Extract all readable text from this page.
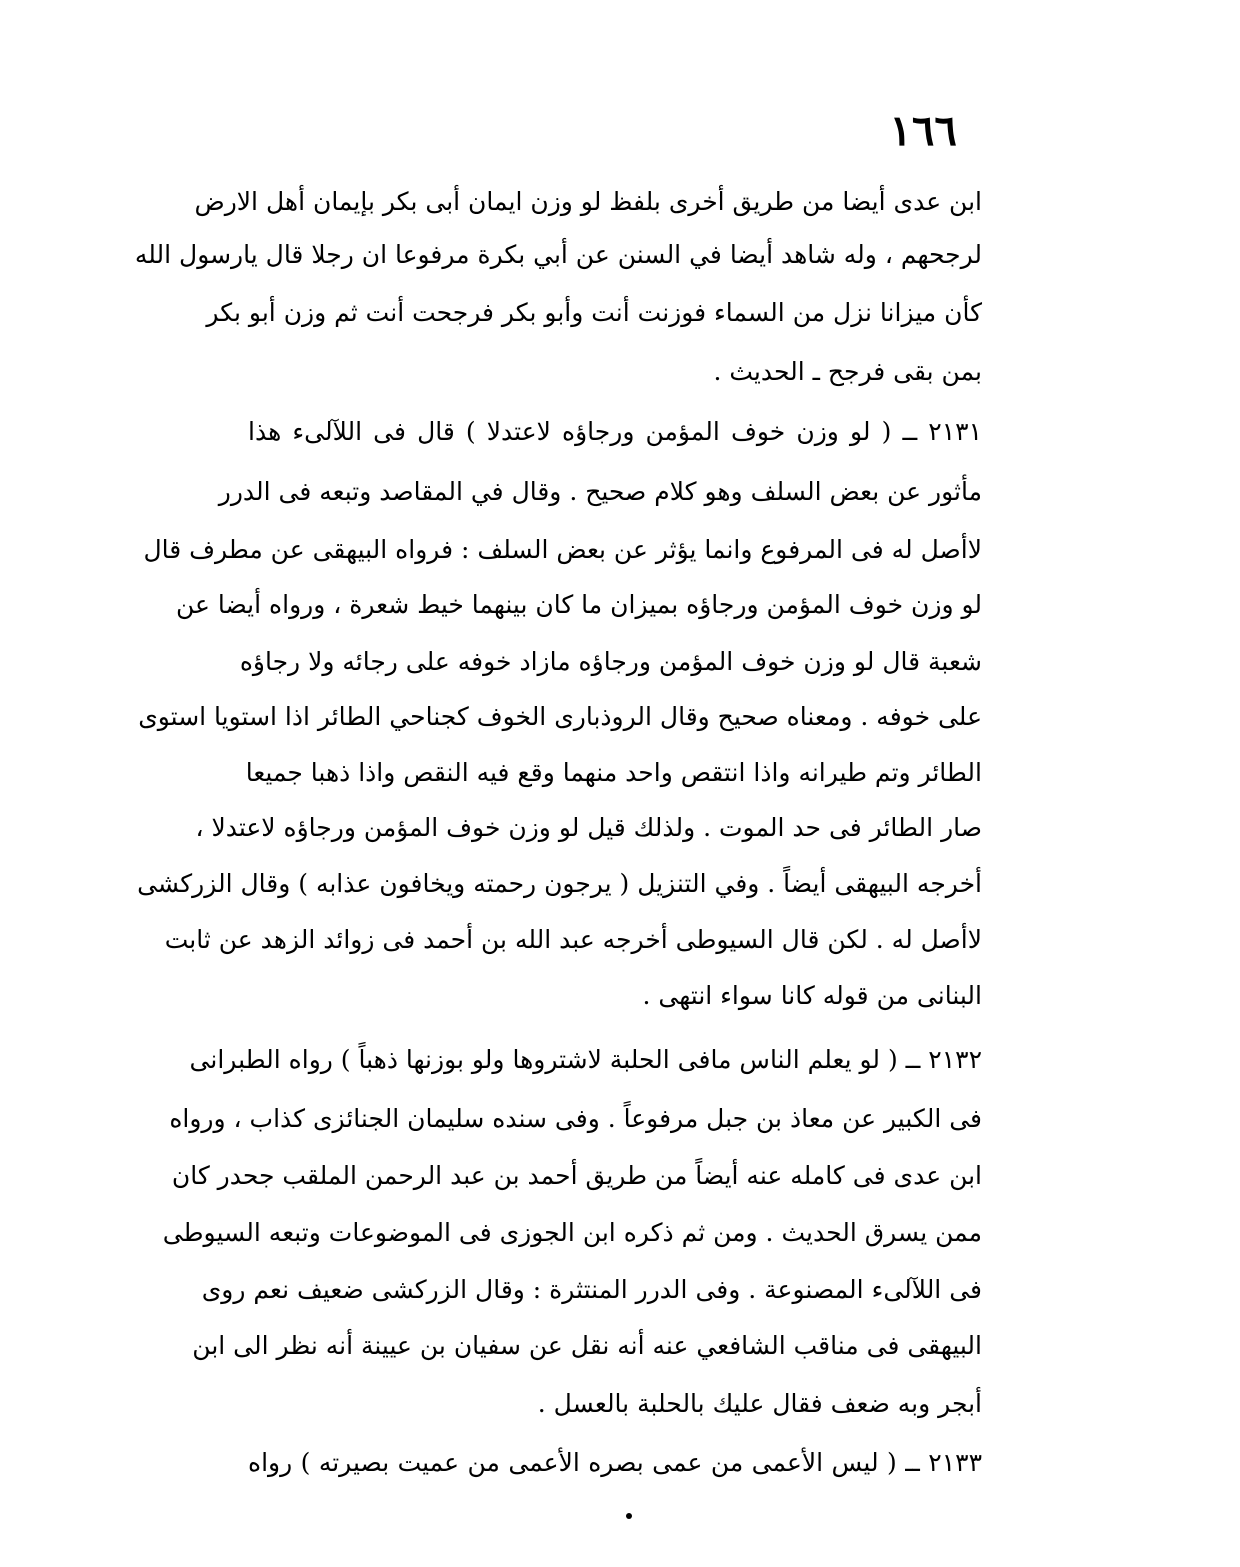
١٦٦
ابن عدى أيضا من طريق أخرى بلفظ لو وزن ايمان أبى بكر بإيمان أهل الارض
لرجحهم ، وله شاهد أيضا في السنن عن أبي بكرة مرفوعا ان رجلا قال يارسول الله
كأن ميزانا نزل من السماء فوزنت أنت وأبو بكر فرجحت أنت ثم وزن أبو بكر
بمن بقى فرجح ـ الحديث .
٢١٣١ ــ ( لو وزن خوف المؤمن ورجاؤه لاعتدلا ) قال فى اللآلىء هذا
مأثور عن بعض السلف وهو كلام صحيح . وقال في المقاصد وتبعه فى الدرر
لاأصل له فى المرفوع وانما يؤثر عن بعض السلف : فرواه البيهقى عن مطرف قال
لو وزن خوف المؤمن ورجاؤه بميزان ما كان بينهما خيط شعرة ، ورواه أيضا عن
شعبة قال لو وزن خوف المؤمن ورجاؤه مازاد خوفه على رجائه ولا رجاؤه
على خوفه . ومعناه صحيح وقال الروذبارى الخوف كجناحي الطائر اذا استويا استوى
الطائر وتم طيرانه واذا انتقص واحد منهما وقع فيه النقص واذا ذهبا جميعا
صار الطائر فى حد الموت . ولذلك قيل لو وزن خوف المؤمن ورجاؤه لاعتدلا ،
أخرجه البيهقى أيضاً . وفي التنزيل ( يرجون رحمته ويخافون عذابه ) وقال الزركشى
لاأصل له . لكن قال السيوطى أخرجه عبد الله بن أحمد فى زوائد الزهد عن ثابت
البنانى من قوله كانا سواء انتهى .
٢١٣٢ ــ ( لو يعلم الناس مافى الحلبة لاشتروها ولو بوزنها ذهباً ) رواه الطبرانى
فى الكبير عن معاذ بن جبل مرفوعاً . وفى سنده سليمان الجنائزى كذاب ، ورواه
ابن عدى فى كامله عنه أيضاً من طريق أحمد بن عبد الرحمن الملقب جحدر كان
ممن يسرق الحديث . ومن ثم ذكره ابن الجوزى فى الموضوعات وتبعه السيوطى
فى اللآلىء المصنوعة . وفى الدرر المنتثرة : وقال الزركشى ضعيف نعم روى
البيهقى فى مناقب الشافعي عنه أنه نقل عن سفيان بن عيينة أنه نظر الى ابن
أبجر وبه ضعف فقال عليك بالحلبة بالعسل .
٢١٣٣ ــ ( ليس الأعمى من عمى بصره الأعمى من عميت بصيرته ) رواه
